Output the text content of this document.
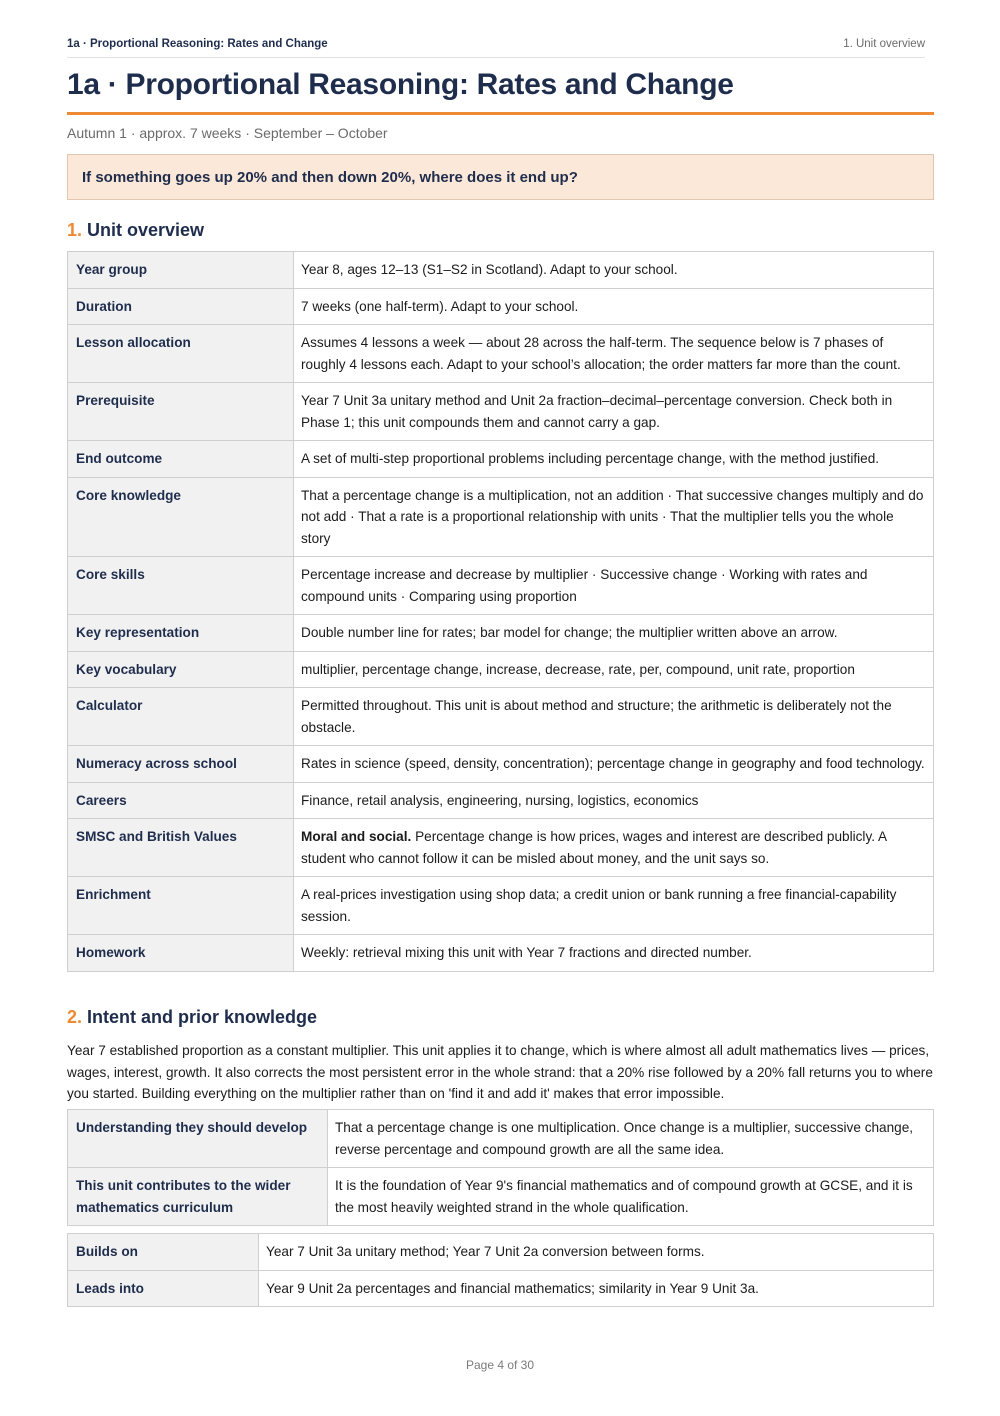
1a · Proportional Reasoning: Rates and Change	1. Unit overview
1a · Proportional Reasoning: Rates and Change
Autumn 1 · approx. 7 weeks · September – October
If something goes up 20% and then down 20%, where does it end up?
1. Unit overview
Year group	Year 8, ages 12–13 (S1–S2 in Scotland). Adapt to your school.
Duration	7 weeks (one half-term). Adapt to your school.
Lesson allocation	Assumes 4 lessons a week — about 28 across the half-term. The sequence below is 7 phases of roughly 4 lessons each. Adapt to your school’s allocation; the order matters far more than the count.
Prerequisite	Year 7 Unit 3a unitary method and Unit 2a fraction–decimal–percentage conversion. Check both in Phase 1; this unit compounds them and cannot carry a gap.
End outcome	A set of multi-step proportional problems including percentage change, with the method justified.
Core knowledge	That a percentage change is a multiplication, not an addition · That successive changes multiply and do not add · That a rate is a proportional relationship with units · That the multiplier tells you the whole story
Core skills	Percentage increase and decrease by multiplier · Successive change · Working with rates and compound units · Comparing using proportion
Key representation	Double number line for rates; bar model for change; the multiplier written above an arrow.
Key vocabulary	multiplier, percentage change, increase, decrease, rate, per, compound, unit rate, proportion
Calculator	Permitted throughout. This unit is about method and structure; the arithmetic is deliberately not the obstacle.
Numeracy across school	Rates in science (speed, density, concentration); percentage change in geography and food technology.
Careers	Finance, retail analysis, engineering, nursing, logistics, economics
SMSC and British Values	Moral and social. Percentage change is how prices, wages and interest are described publicly. A student who cannot follow it can be misled about money, and the unit says so.
Enrichment	A real-prices investigation using shop data; a credit union or bank running a free financial-capability session.
Homework	Weekly: retrieval mixing this unit with Year 7 fractions and directed number.
2. Intent and prior knowledge

Year 7 established proportion as a constant multiplier. This unit applies it to change, which is where almost all adult mathematics lives — prices, wages, interest, growth. It also corrects the most persistent error in the whole strand: that a 20% rise followed by a 20% fall returns you to where you started. Building everything on the multiplier rather than on 'find it and add it' makes that error impossible.

Understanding they should develop	That a percentage change is one multiplication. Once change is a multiplier, successive change, reverse percentage and compound growth are all the same idea.
This unit contributes to the wider mathematics curriculum	It is the foundation of Year 9's financial mathematics and of compound growth at GCSE, and it is the most heavily weighted strand in the whole qualification.
Builds on	Year 7 Unit 3a unitary method; Year 7 Unit 2a conversion between forms.
Leads into	Year 9 Unit 2a percentages and financial mathematics; similarity in Year 9 Unit 3a.
Page 4 of 30
